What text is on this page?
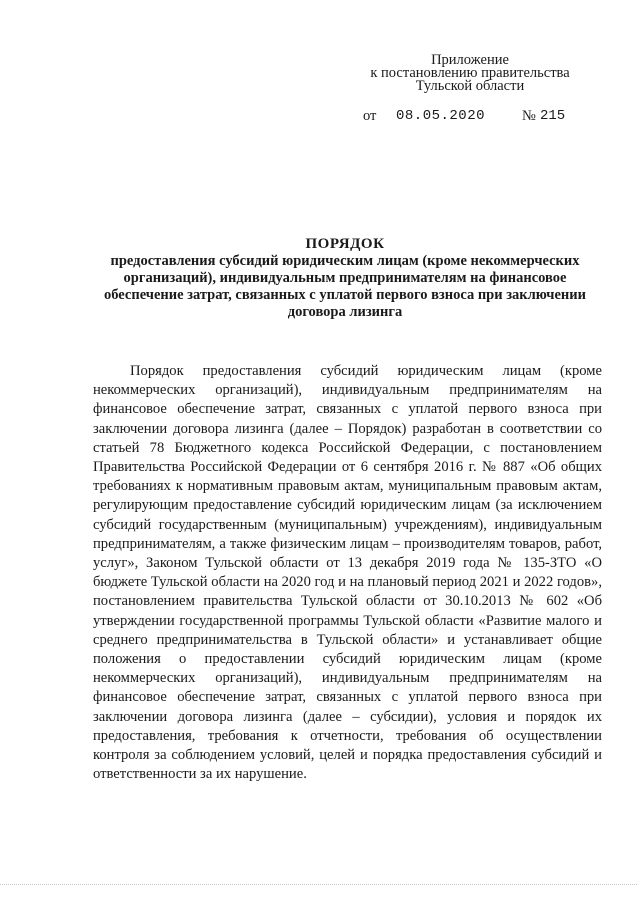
Приложение
к постановлению правительства
Тульской области
от 08.05.2020	№ 215
ПОРЯДОК
предоставления субсидий юридическим лицам (кроме некоммерческих организаций), индивидуальным предпринимателям на финансовое обеспечение затрат, связанных с уплатой первого взноса при заключении договора лизинга

Порядок предоставления субсидий юридическим лицам (кроме некоммерческих организаций), индивидуальным предпринимателям на финансовое обеспечение затрат, связанных с уплатой первого взноса при заключении договора лизинга (далее – Порядок) разработан в соответствии со статьей 78 Бюджетного кодекса Российской Федерации, с постановлением Правительства Российской Федерации от 6 сентября 2016 г. № 887 «Об общих требованиях к нормативным правовым актам, муниципальным правовым актам, регулирующим предоставление субсидий юридическим лицам (за исключением субсидий государственным (муниципальным) учреждениям), индивидуальным предпринимателям, а также физическим лицам – производителям товаров, работ, услуг», Законом Тульской области от 13 декабря 2019 года № 135-ЗТО «О бюджете Тульской области на 2020 год и на плановый период 2021 и 2022 годов», постановлением правительства Тульской области от 30.10.2013 № 602 «Об утверждении государственной программы Тульской области «Развитие малого и среднего предпринимательства в Тульской области» и устанавливает общие положения о предоставлении субсидий юридическим лицам (кроме некоммерческих организаций), индивидуальным предпринимателям на финансовое обеспечение затрат, связанных с уплатой первого взноса при заключении договора лизинга (далее – субсидии), условия и порядок их предоставления, требования к отчетности, требования об осуществлении контроля за соблюдением условий, целей и порядка предоставления субсидий и ответственности за их нарушение.
